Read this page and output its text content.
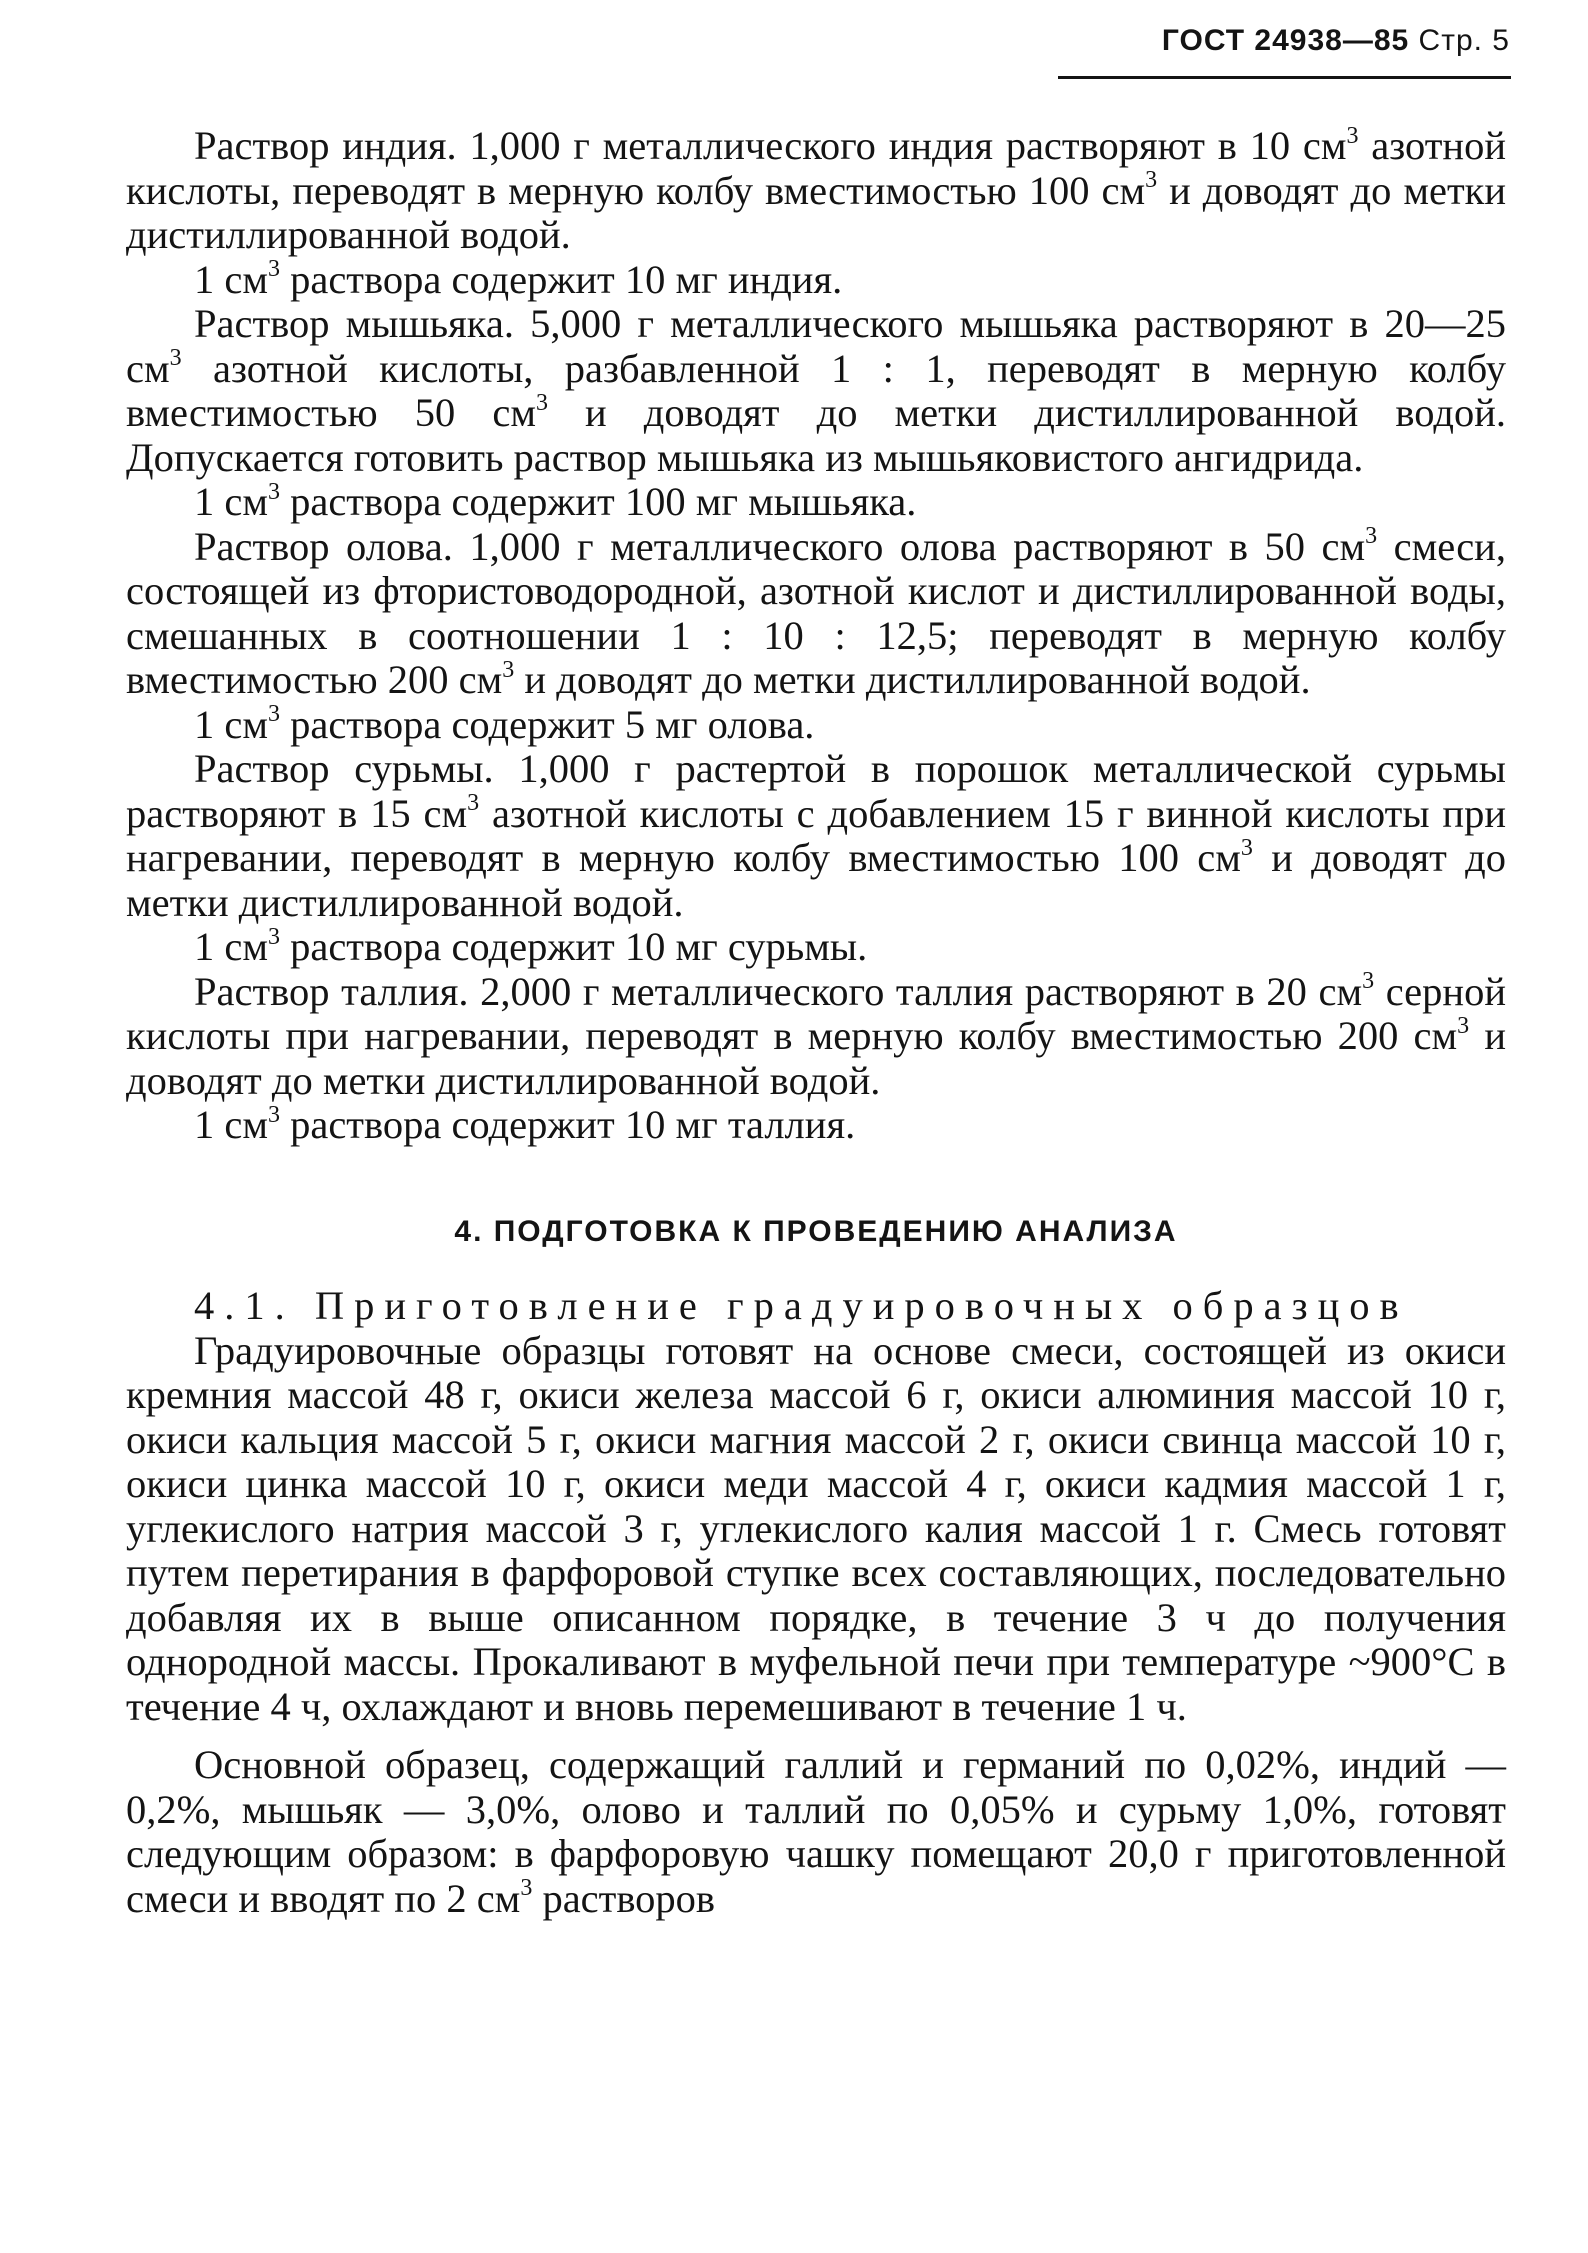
ГОСТ 24938—85 Стр. 5

Раствор индия. 1,000 г металлического индия растворяют в 10 $см^3$ азотной кислоты, переводят в мерную колбу вместимостью 100 $см^3$ и доводят до метки дистиллированной водой.

1 $см^3$ раствора содержит 10 мг индия.

Раствор мышьяка. 5,000 г металлического мышьяка растворяют в 20—25 $см^3$ азотной кислоты, разбавленной 1 : 1, переводят в мерную колбу вместимостью 50 $см^3$ и доводят до метки дистиллированной водой. Допускается готовить раствор мышьяка из мышьяковистого ангидрида.

1 $см^3$ раствора содержит 100 мг мышьяка.

Раствор олова. 1,000 г металлического олова растворяют в 50 $см^3$ смеси, состоящей из фтористоводородной, азотной кислот и дистиллированной воды, смешанных в соотношении 1 : 10 : 12,5; переводят в мерную колбу вместимостью 200 $см^3$ и доводят до метки дистиллированной водой.

1 $см^3$ раствора содержит 5 мг олова.

Раствор сурьмы. 1,000 г растертой в порошок металлической сурьмы растворяют в 15 $см^3$ азотной кислоты с добавлением 15 г винной кислоты при нагревании, переводят в мерную колбу вместимостью 100 $см^3$ и доводят до метки дистиллированной водой.

1 $см^3$ раствора содержит 10 мг сурьмы.

Раствор таллия. 2,000 г металлического таллия растворяют в 20 $см^3$ серной кислоты при нагревании, переводят в мерную колбу вместимостью 200 $см^3$ и доводят до метки дистиллированной водой.

1 $см^3$ раствора содержит 10 мг таллия.

4. ПОДГОТОВКА К ПРОВЕДЕНИЮ АНАЛИЗА

4.1. Приготовление градуировочных образцов

Градуировочные образцы готовят на основе смеси, состоящей из окиси кремния массой 48 г, окиси железа массой 6 г, окиси алюминия массой 10 г, окиси кальция массой 5 г, окиси магния массой 2 г, окиси свинца массой 10 г, окиси цинка массой 10 г, окиси меди массой 4 г, окиси кадмия массой 1 г, углекислого натрия массой 3 г, углекислого калия массой 1 г. Смесь готовят путем перетирания в фарфоровой ступке всех составляющих, последовательно добавляя их в выше описанном порядке, в течение 3 ч до получения однородной массы. Прокаливают в муфельной печи при температуре ~900°С в течение 4 ч, охлаждают и вновь перемешивают в течение 1 ч.

Основной образец, содержащий галлий и германий по 0,02%, индий — 0,2%, мышьяк — 3,0%, олово и таллий по 0,05% и сурьму 1,0%, готовят следующим образом: в фарфоровую чашку помещают 20,0 г приготовленной смеси и вводят по 2 $см^3$ растворов
